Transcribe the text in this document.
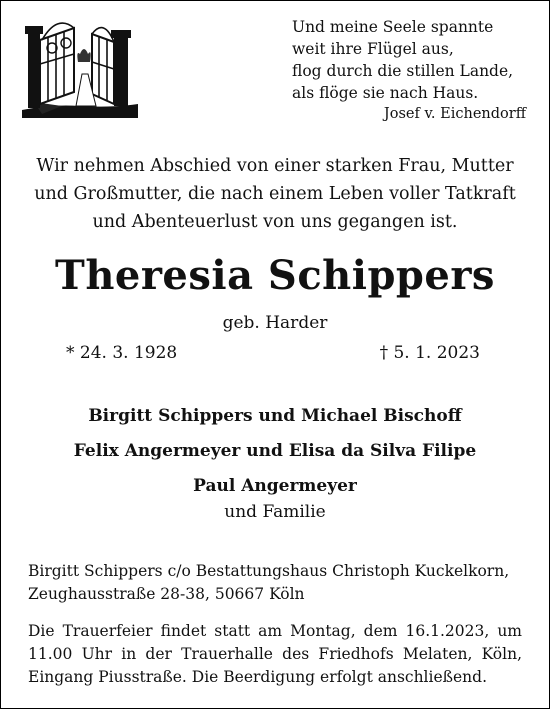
Und meine Seele spannte
weit ihre Flügel aus,
flog durch die stillen Lande,
als flöge sie nach Haus.
Josef v. Eichendorff
Wir nehmen Abschied von einer starken Frau, Mutter
und Großmutter, die nach einem Leben voller Tatkraft
und Abenteuerlust von uns gegangen ist.
Theresia Schippers
geb. Harder
* 24. 3. 1928	† 5. 1. 2023
Birgitt Schippers und Michael Bischoff
Felix Angermeyer und Elisa da Silva Filipe
Paul Angermeyer
und Familie
Birgitt Schippers c/o Bestattungshaus Christoph Kuckelkorn,
Zeughausstraße 28-38, 50667 Köln
Die Trauerfeier findet statt am Montag, dem 16.1.2023, um
11.00 Uhr in der Trauerhalle des Friedhofs Melaten, Köln,
Eingang Piusstraße. Die Beerdigung erfolgt anschließend.
